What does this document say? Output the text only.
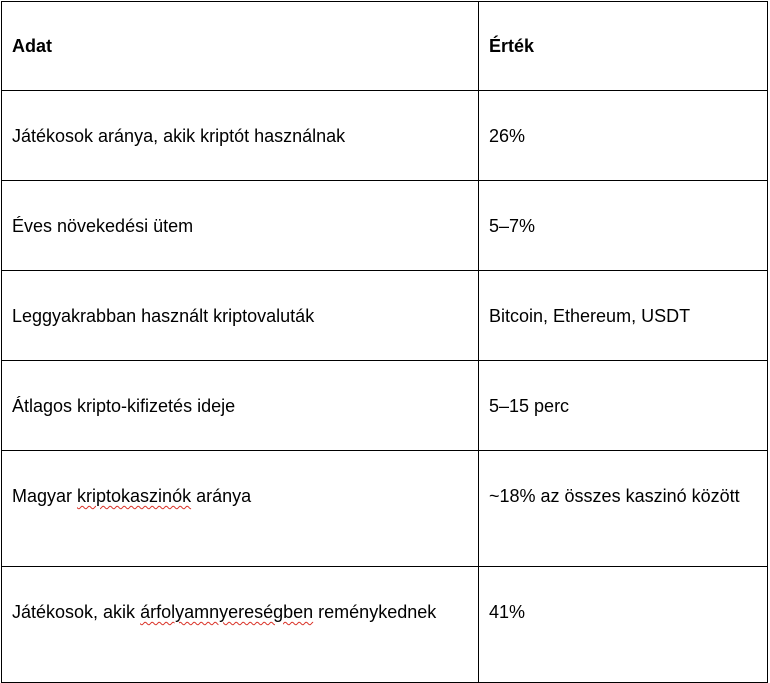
Adat	Érték
Játékosok aránya, akik kriptót használnak	26%
Éves növekedési ütem	5–7%
Leggyakrabban használt kriptovaluták	Bitcoin, Ethereum, USDT
Átlagos kripto-kifizetés ideje	5–15 perc
Magyar kriptokaszinók aránya	~18% az összes kaszinó között
Játékosok, akik árfolyamnyereségben reménykednek	41%
